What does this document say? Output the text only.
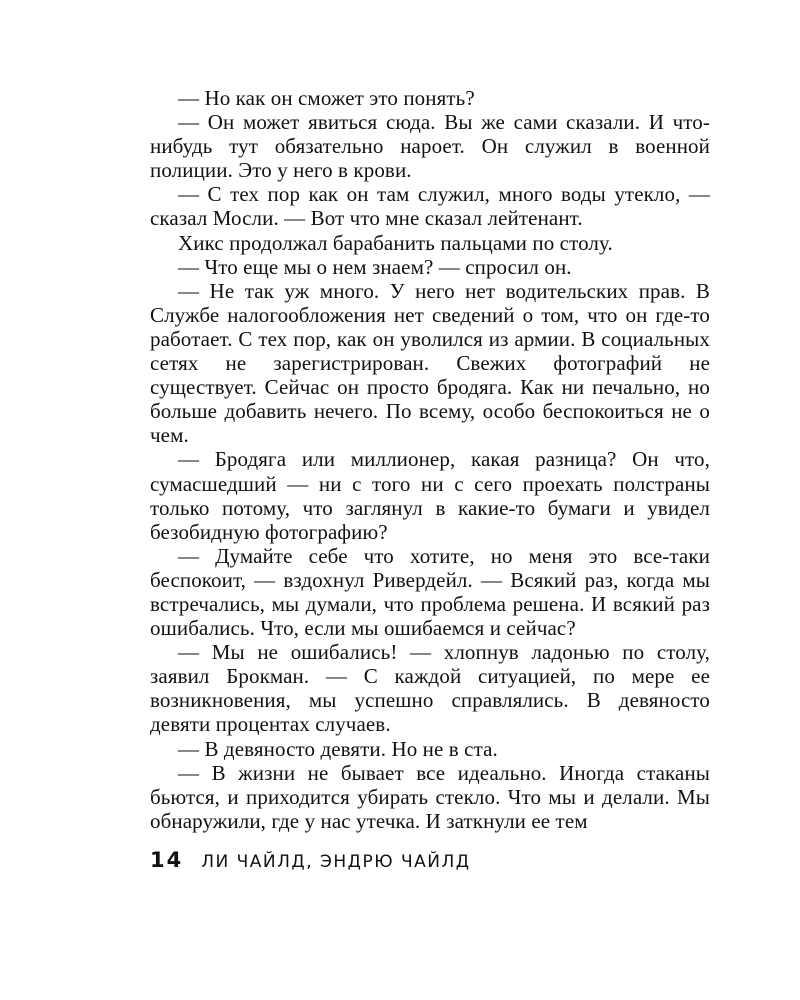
— Но как он сможет это понять?

— Он может явиться сюда. Вы же сами сказали. И что-нибудь тут обязательно нароет. Он служил в военной полиции. Это у него в крови.

— С тех пор как он там служил, много воды утекло, — сказал Мосли. — Вот что мне сказал лейтенант.

Хикс продолжал барабанить пальцами по столу.

— Что еще мы о нем знаем? — спросил он.

— Не так уж много. У него нет водительских прав. В Службе налогообложения нет сведений о том, что он где-то работает. С тех пор, как он уволился из армии. В социальных сетях не зарегистрирован. Свежих фотографий не существует. Сейчас он просто бродяга. Как ни печально, но больше добавить нечего. По всему, особо беспокоиться не о чем.

— Бродяга или миллионер, какая разница? Он что, сумасшедший — ни с того ни с сего проехать полстраны только потому, что заглянул в какие-то бумаги и увидел безобидную фотографию?

— Думайте себе что хотите, но меня это все-таки беспокоит, — вздохнул Ривердейл. — Всякий раз, когда мы встречались, мы думали, что проблема решена. И всякий раз ошибались. Что, если мы ошибаемся и сейчас?

— Мы не ошибались! — хлопнув ладонью по столу, заявил Брокман. — С каждой ситуацией, по мере ее возникновения, мы успешно справлялись. В девяносто девяти процентах случаев.

— В девяносто девяти. Но не в ста.

— В жизни не бывает все идеально. Иногда стаканы бьются, и приходится убирать стекло. Что мы и делали. Мы обнаружили, где у нас утечка. И заткнули ее тем

14 ЛИ ЧАЙЛД, ЭНДРЮ ЧАЙЛД
